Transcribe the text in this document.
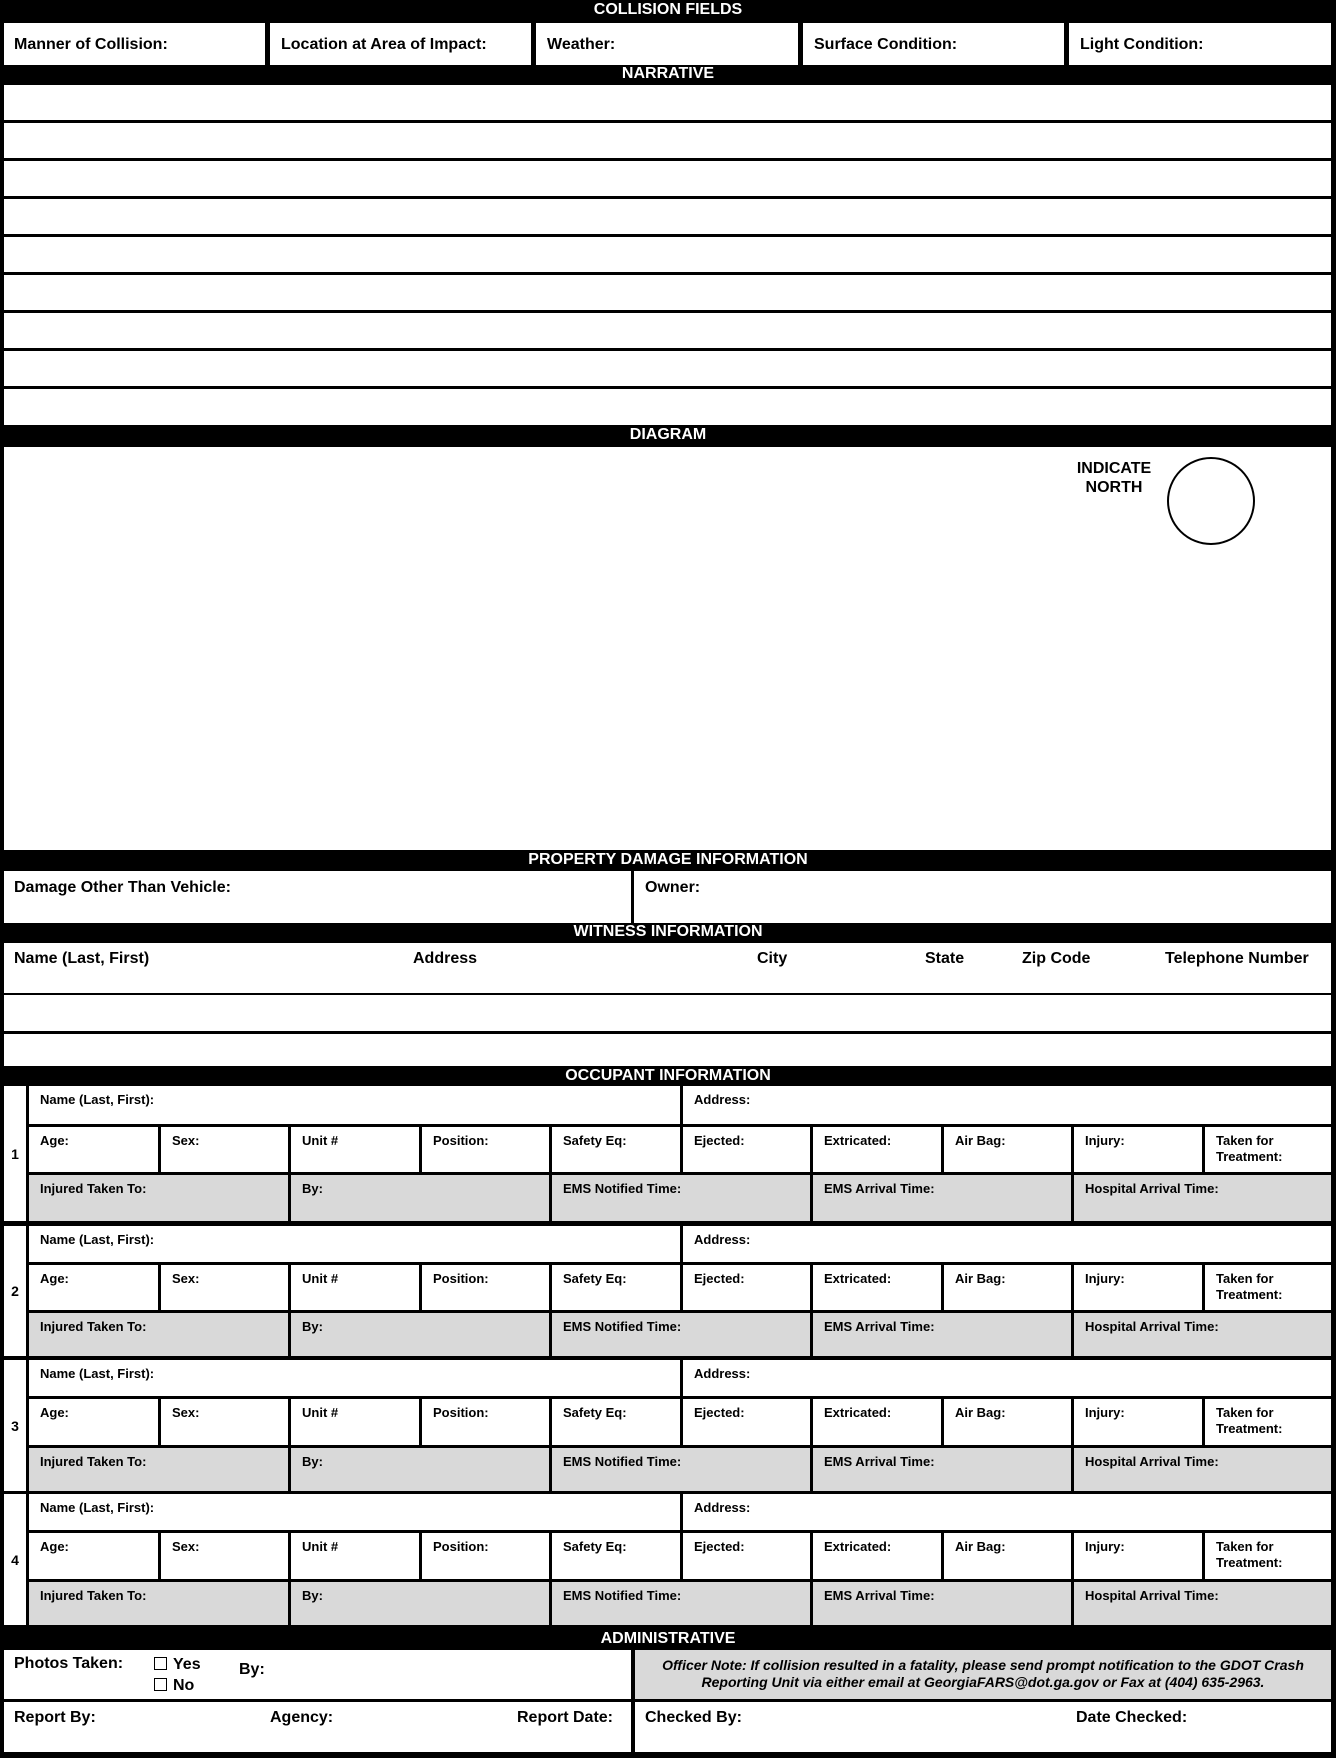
COLLISION FIELDS
Manner of Collision:	Location at Area of Impact:	Weather:	Surface Condition:	Light Condition:
NARRATIVE
DIAGRAM
INDICATE
NORTH
PROPERTY DAMAGE INFORMATION
Damage Other Than Vehicle:	Owner:
WITNESS INFORMATION
Name (Last, First)	Address	City	State	Zip Code	Telephone Number
OCCUPANT INFORMATION
1
Name (Last, First):	Address:
Age:	Sex:	Unit #	Position:	Safety Eq:	Ejected:	Extricated:	Air Bag:	Injury:	Taken for
Treatment:
Injured Taken To:	By:	EMS Notified Time:	EMS Arrival Time:	Hospital Arrival Time:
2
Name (Last, First):	Address:
Age:	Sex:	Unit #	Position:	Safety Eq:	Ejected:	Extricated:	Air Bag:	Injury:	Taken for
Treatment:
Injured Taken To:	By:	EMS Notified Time:	EMS Arrival Time:	Hospital Arrival Time:
3
Name (Last, First):	Address:
Age:	Sex:	Unit #	Position:	Safety Eq:	Ejected:	Extricated:	Air Bag:	Injury:	Taken for
Treatment:
Injured Taken To:	By:	EMS Notified Time:	EMS Arrival Time:	Hospital Arrival Time:
4
Name (Last, First):	Address:
Age:	Sex:	Unit #	Position:	Safety Eq:	Ejected:	Extricated:	Air Bag:	Injury:	Taken for
Treatment:
Injured Taken To:	By:	EMS Notified Time:	EMS Arrival Time:	Hospital Arrival Time:
ADMINISTRATIVE
Photos Taken:	Yes
No
By:	Officer Note: If collision resulted in a fatality, please send prompt notification to the GDOT Crash
Reporting Unit via either email at GeorgiaFARS@dot.ga.gov or Fax at (404) 635-2963.
Report By:	Agency:	Report Date: Checked By:	Date Checked:
